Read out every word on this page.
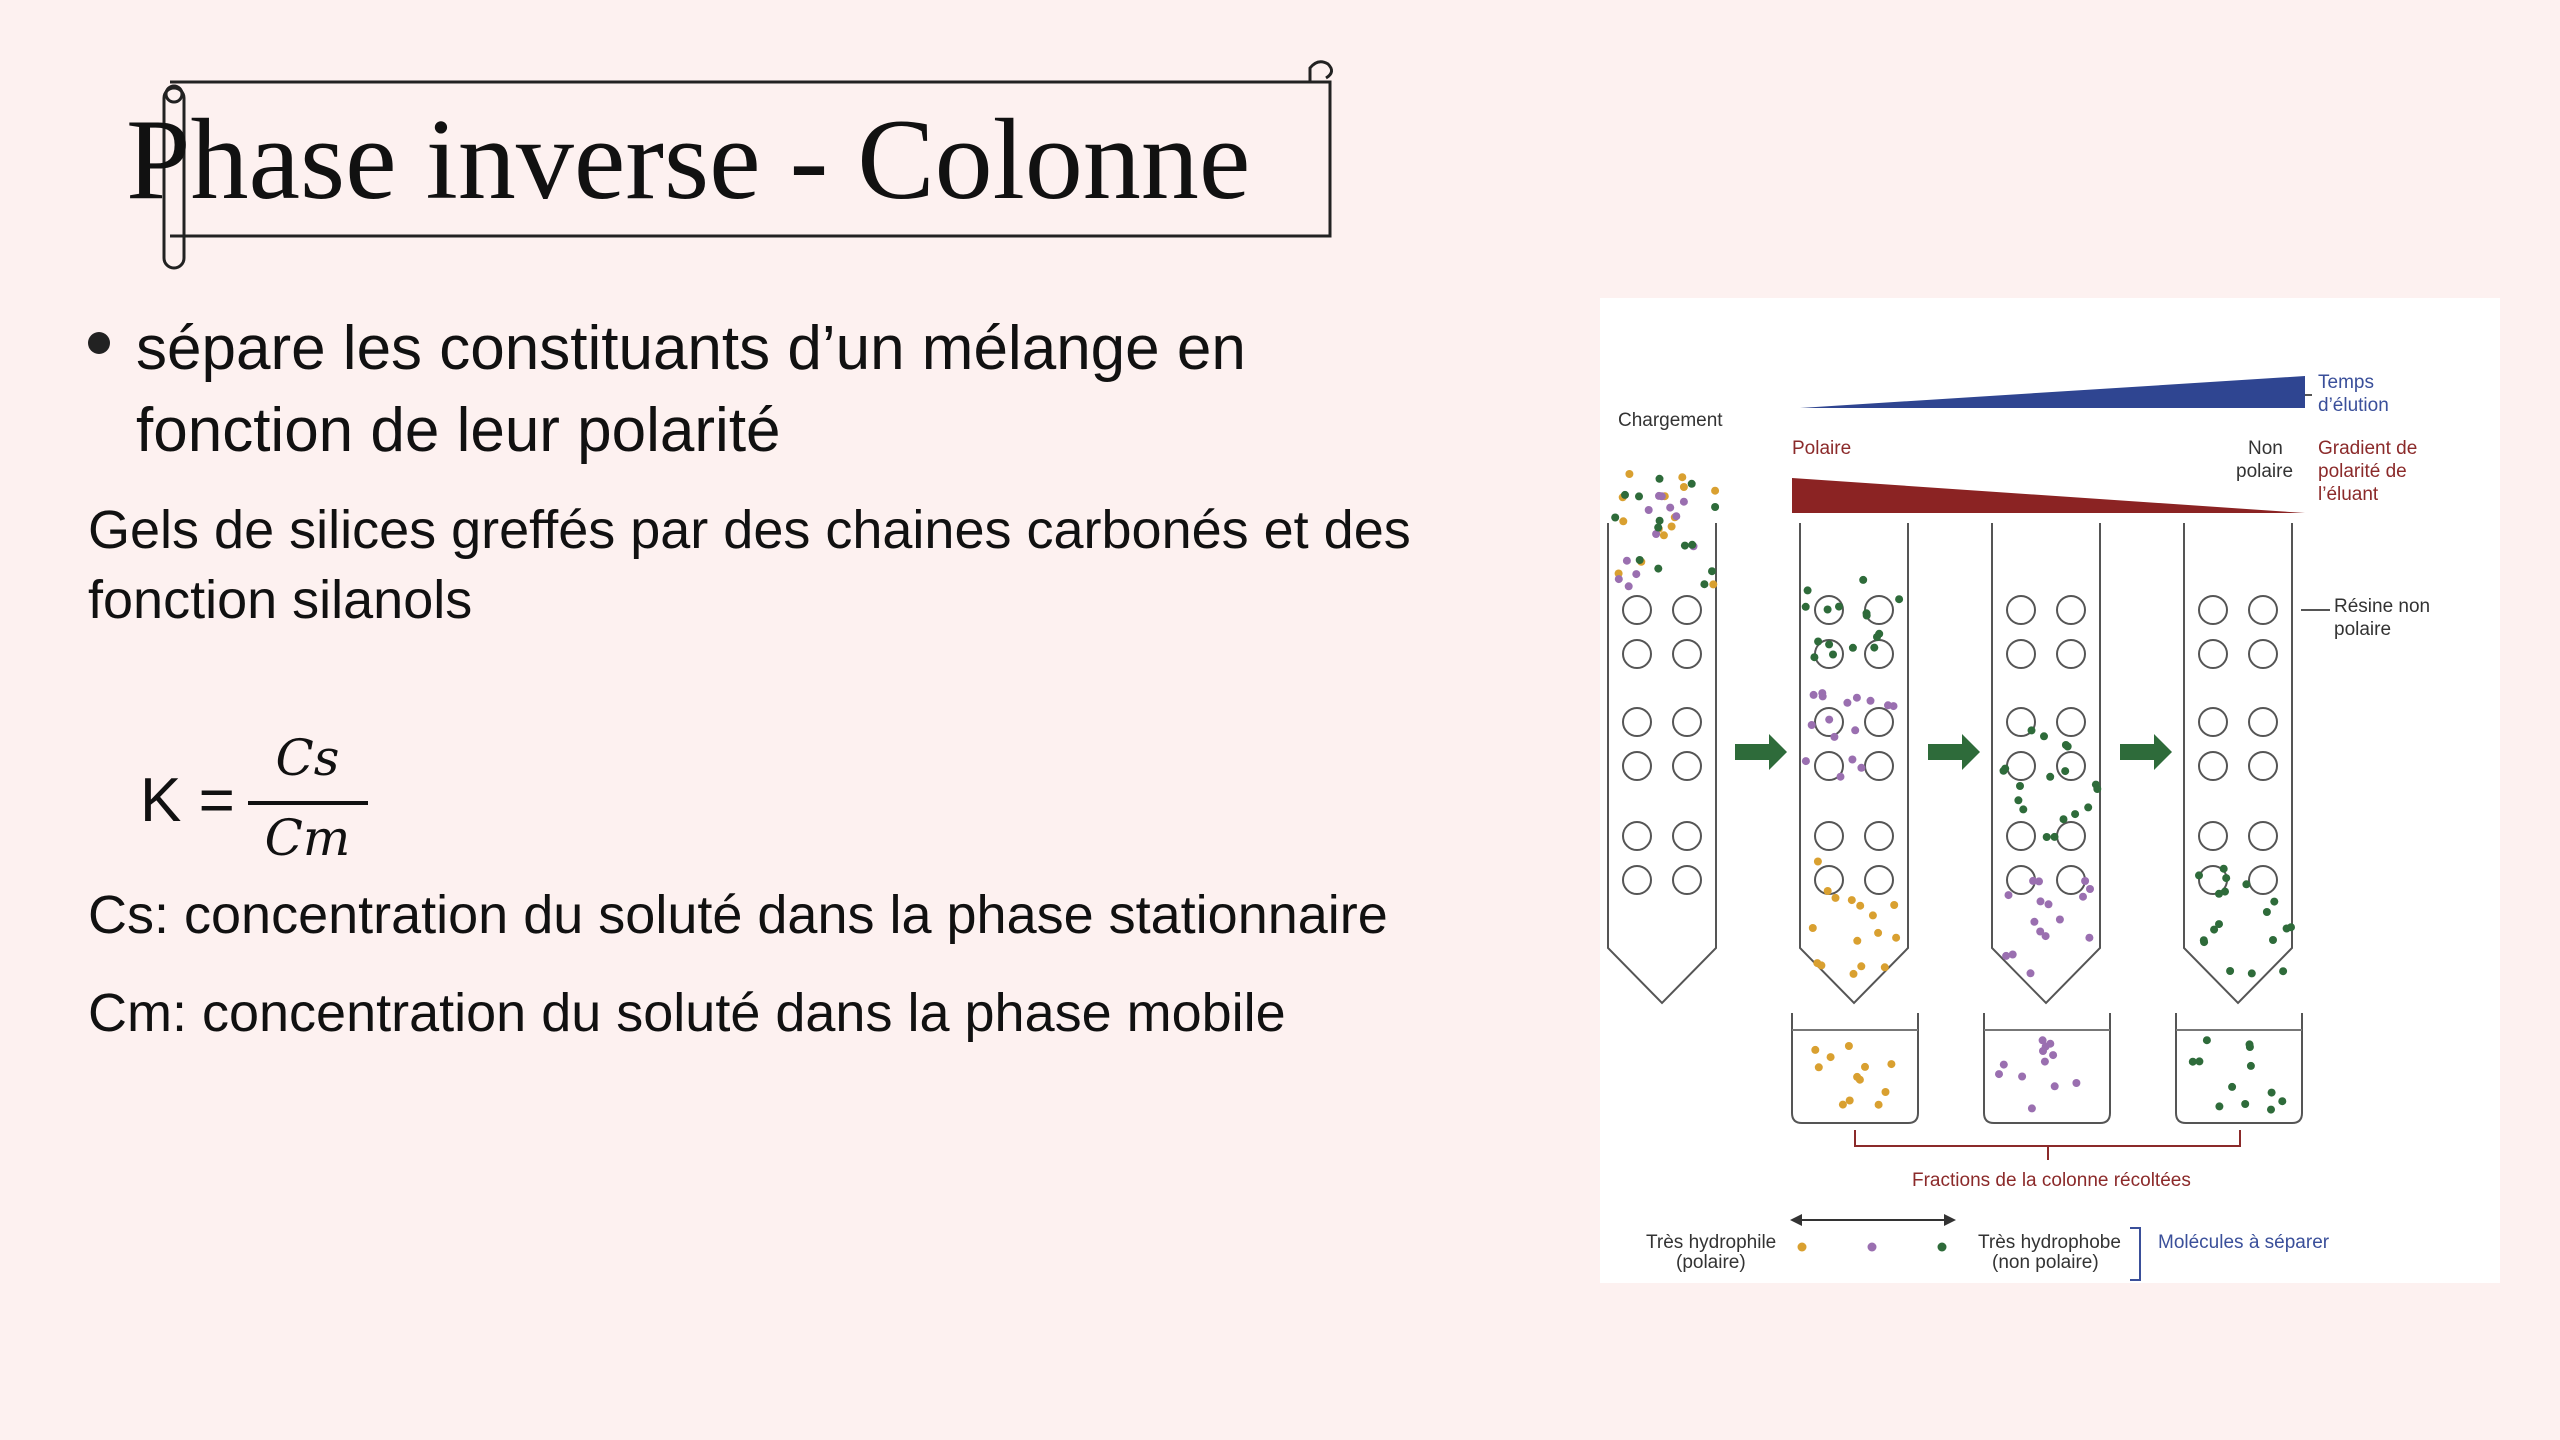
Phase inverse - Colonne
sépare les constituants d’un mélange en
fonction de leur polarité
Gels de silices greffés par des chaines carbonés et des
fonction silanols
K =
Cs
Cm
Cs: concentration du soluté dans la phase stationnaire
Cm: concentration du soluté dans la phase mobile
Chargement
Polaire	Non
polaire
Temps
d’élution
Gradient de
polarité de
l’éluant
Résine non
polaire
Fractions de la colonne récoltées
Très hydrophile
(polaire)
Très hydrophobe
(non polaire)
Molécules à séparer
